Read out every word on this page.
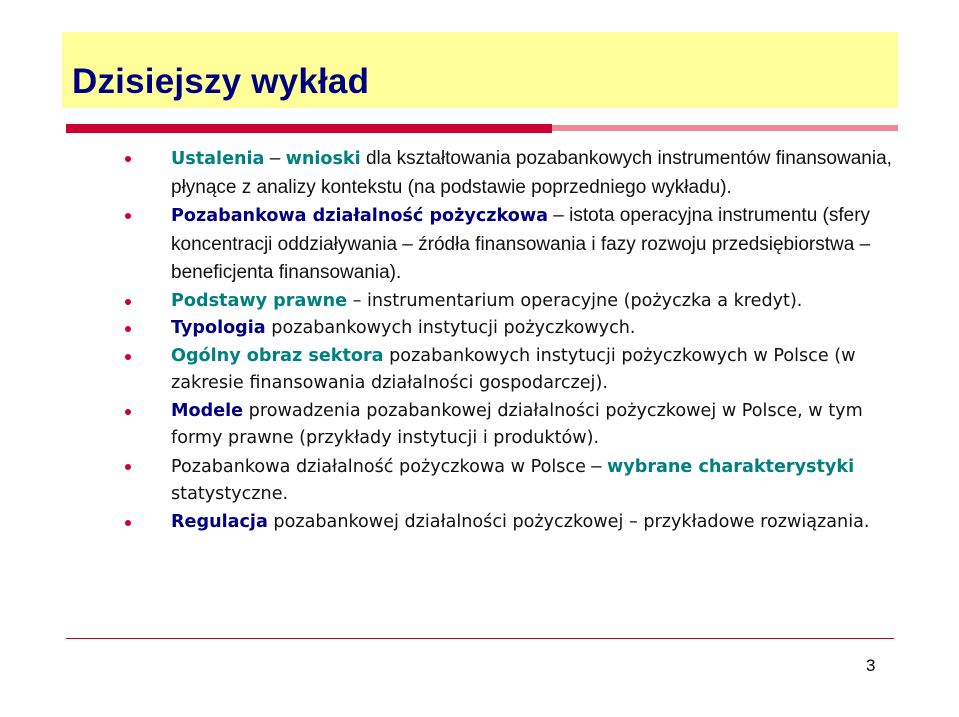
Dzisiejszy wykład
Ustalenia – wnioski dla kształtowania pozabankowych instrumentów finansowania, płynące z analizy kontekstu (na podstawie poprzedniego wykładu).
Pozabankowa działalność pożyczkowa – istota operacyjna instrumentu (sfery koncentracji oddziaływania – źródła finansowania i fazy rozwoju przedsiębiorstwa – beneficjenta finansowania).
Podstawy prawne – instrumentarium operacyjne (pożyczka a kredyt).
Typologia pozabankowych instytucji pożyczkowych.
Ogólny obraz sektora pozabankowych instytucji pożyczkowych w Polsce (w zakresie finansowania działalności gospodarczej).
Modele prowadzenia pozabankowej działalności pożyczkowej w Polsce, w tym formy prawne (przykłady instytucji i produktów).
Pozabankowa działalność pożyczkowa w Polsce – wybrane charakterystyki statystyczne.
Regulacja pozabankowej działalności pożyczkowej – przykładowe rozwiązania.
3
